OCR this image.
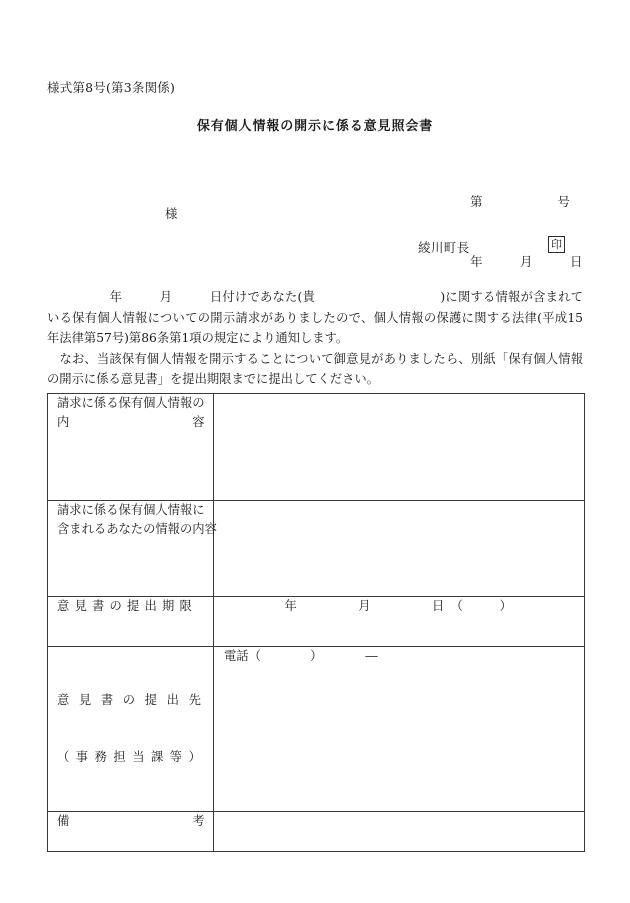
様式第8号(第3条関係)
保有個人情報の開示に係る意見照会書

第　　　　　　号

年　　　月　　　日

様
綾川町長	印

　　　　　年　　　月　　　日付けであなた(貴　　　　　　　　　　)に関する情報が含まれている保有個人情報についての開示請求がありましたので、個人情報の保護に関する法律(平成15年法律第57号)第86条第1項の規定により通知します。

　なお、当該保有個人情報を開示することについて御意見がありましたら、別紙「保有個人情報の開示に係る意見書」を提出期限までに提出してください。

請求に係る保有個人情報の
内　　　　　　　　　　容	

請求に係る保有個人情報に
含まれるあなたの情報の内容	

意見書の提出期限	　　　　　年　　　　　月　　　　　日　（　　　）

意見書の提出先

（事務担当課等）	電話（　　　　）　　　　―

備　　　　　　　　　　考	
